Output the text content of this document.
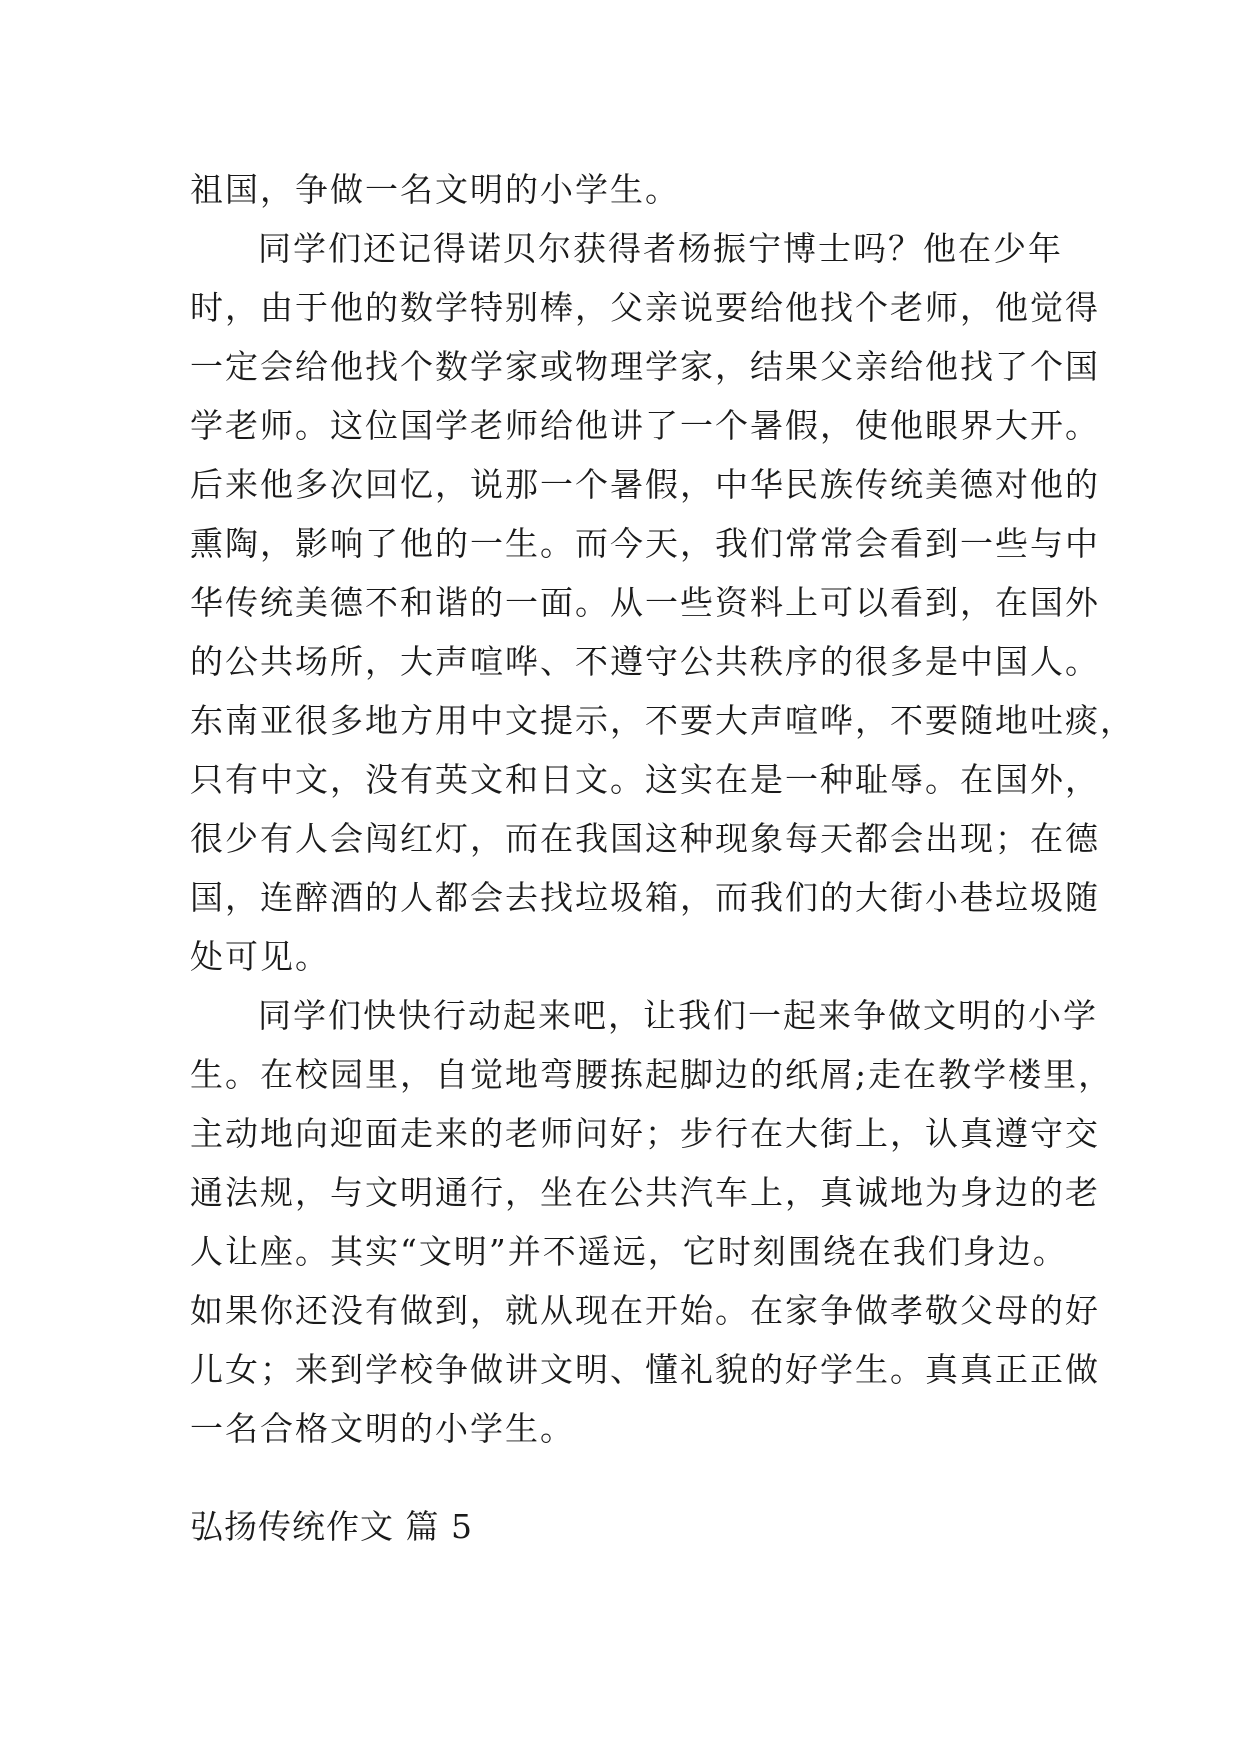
祖国，争做一名文明的小学生。
同学们还记得诺贝尔获得者杨振宁博士吗？他在少年
时，由于他的数学特别棒，父亲说要给他找个老师，他觉得
一定会给他找个数学家或物理学家，结果父亲给他找了个国
学老师。这位国学老师给他讲了一个暑假，使他眼界大开。
后来他多次回忆，说那一个暑假，中华民族传统美德对他的
熏陶，影响了他的一生。而今天，我们常常会看到一些与中
华传统美德不和谐的一面。从一些资料上可以看到，在国外
的公共场所，大声喧哗、不遵守公共秩序的很多是中国人。
东南亚很多地方用中文提示，不要大声喧哗，不要随地吐痰，
只有中文，没有英文和日文。这实在是一种耻辱。在国外，
很少有人会闯红灯，而在我国这种现象每天都会出现；在德
国，连醉酒的人都会去找垃圾箱，而我们的大街小巷垃圾随
处可见。
同学们快快行动起来吧，让我们一起来争做文明的小学
生。在校园里，自觉地弯腰拣起脚边的纸屑;走在教学楼里，
主动地向迎面走来的老师问好；步行在大街上，认真遵守交
通法规，与文明通行，坐在公共汽车上，真诚地为身边的老
人让座。其实“文明”并不遥远，它时刻围绕在我们身边。
如果你还没有做到，就从现在开始。在家争做孝敬父母的好
儿女；来到学校争做讲文明、懂礼貌的好学生。真真正正做
一名合格文明的小学生。
弘扬传统作文 篇 5
